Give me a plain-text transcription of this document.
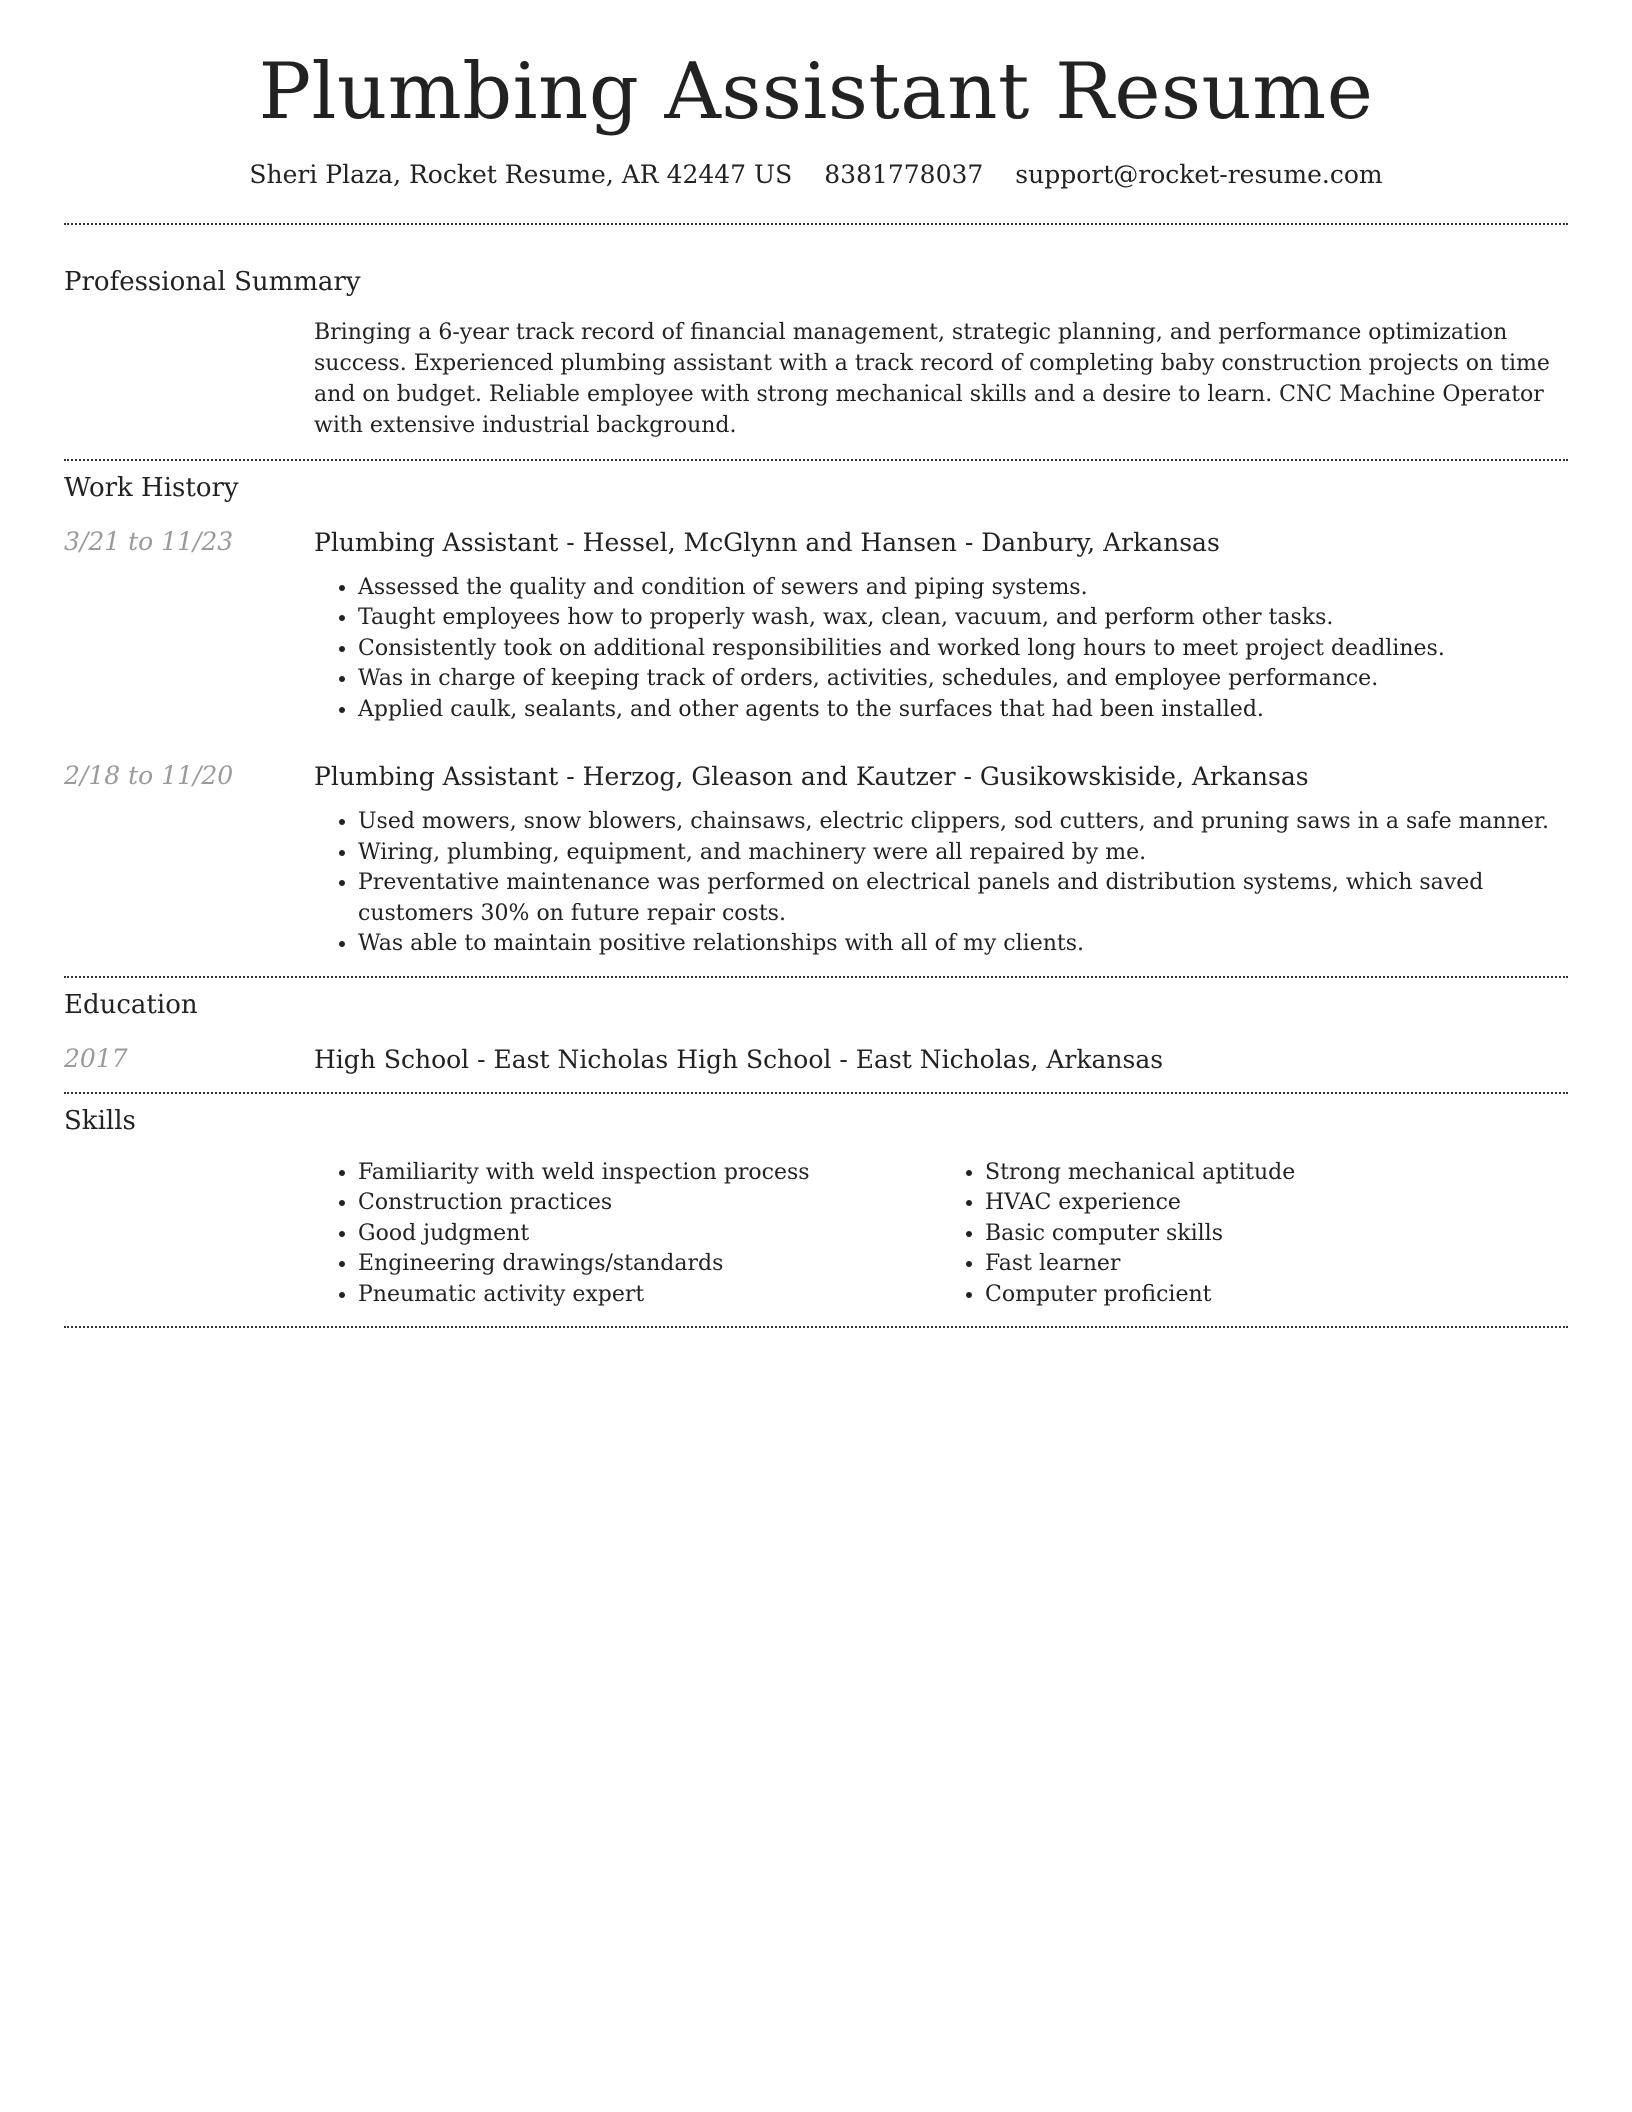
Plumbing Assistant Resume
Sheri Plaza, Rocket Resume, AR 42447 US 8381778037 support@rocket-resume.com
Professional Summary

Bringing a 6-year track record of financial management, strategic planning, and performance optimization success. Experienced plumbing assistant with a track record of completing baby construction projects on time and on budget. Reliable employee with strong mechanical skills and a desire to learn. CNC Machine Operator with extensive industrial background.

Work History
3/21 to 11/23	Plumbing Assistant - Hessel, McGlynn and Hansen - Danbury, Arkansas
• Assessed the quality and condition of sewers and piping systems.
• Taught employees how to properly wash, wax, clean, vacuum, and perform other tasks.
• Consistently took on additional responsibilities and worked long hours to meet project deadlines.
• Was in charge of keeping track of orders, activities, schedules, and employee performance.
• Applied caulk, sealants, and other agents to the surfaces that had been installed.
2/18 to 11/20	Plumbing Assistant - Herzog, Gleason and Kautzer - Gusikowskiside, Arkansas
• Used mowers, snow blowers, chainsaws, electric clippers, sod cutters, and pruning saws in a safe manner.
• Wiring, plumbing, equipment, and machinery were all repaired by me.
• Preventative maintenance was performed on electrical panels and distribution systems, which saved customers 30% on future repair costs.
• Was able to maintain positive relationships with all of my clients.
Education
2017	High School - East Nicholas High School - East Nicholas, Arkansas
Skills
• Familiarity with weld inspection process
• Construction practices
• Good judgment
• Engineering drawings/standards
• Pneumatic activity expert
• Strong mechanical aptitude
• HVAC experience
• Basic computer skills
• Fast learner
• Computer proficient
